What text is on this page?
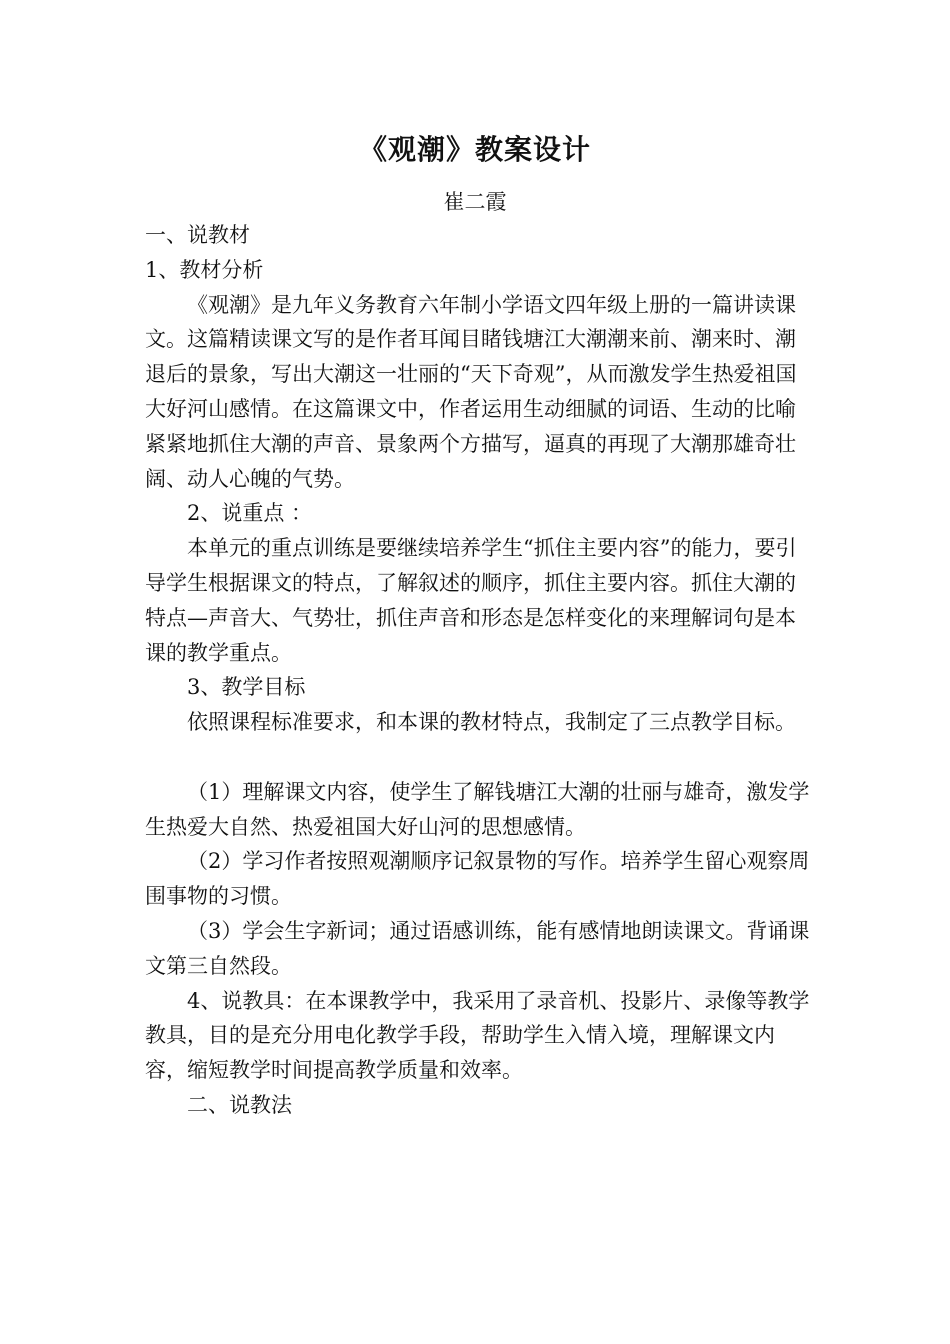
《观潮》教案设计
崔二霞

一、说教材

1、教材分析

《观潮》是九年义务教育六年制小学语文四年级上册的一篇讲读课文。这篇精读课文写的是作者耳闻目睹钱塘江大潮潮来前、潮来时、潮退后的景象，写出大潮这一壮丽的“天下奇观”，从而激发学生热爱祖国大好河山感情。在这篇课文中，作者运用生动细腻的词语、生动的比喻紧紧地抓住大潮的声音、景象两个方描写，逼真的再现了大潮那雄奇壮阔、动人心魄的气势。

2、说重点 ：

本单元的重点训练是要继续培养学生“抓住主要内容”的能力，要引导学生根据课文的特点，了解叙述的顺序，抓住主要内容。抓住大潮的特点—声音大、气势壮，抓住声音和形态是怎样变化的来理解词句是本课的教学重点。

3、教学目标

依照课程标准要求，和本课的教材特点，我制定了三点教学目标。

（1）理解课文内容，使学生了解钱塘江大潮的壮丽与雄奇，激发学生热爱大自然、热爱祖国大好山河的思想感情。

（2）学习作者按照观潮顺序记叙景物的写作。培养学生留心观察周围事物的习惯。

（3）学会生字新词；通过语感训练，能有感情地朗读课文。背诵课文第三自然段。

4、说教具：在本课教学中，我采用了录音机、投影片、录像等教学教具，目的是充分用电化教学手段，帮助学生入情入境，理解课文内容，缩短教学时间提高教学质量和效率。

二、说教法
